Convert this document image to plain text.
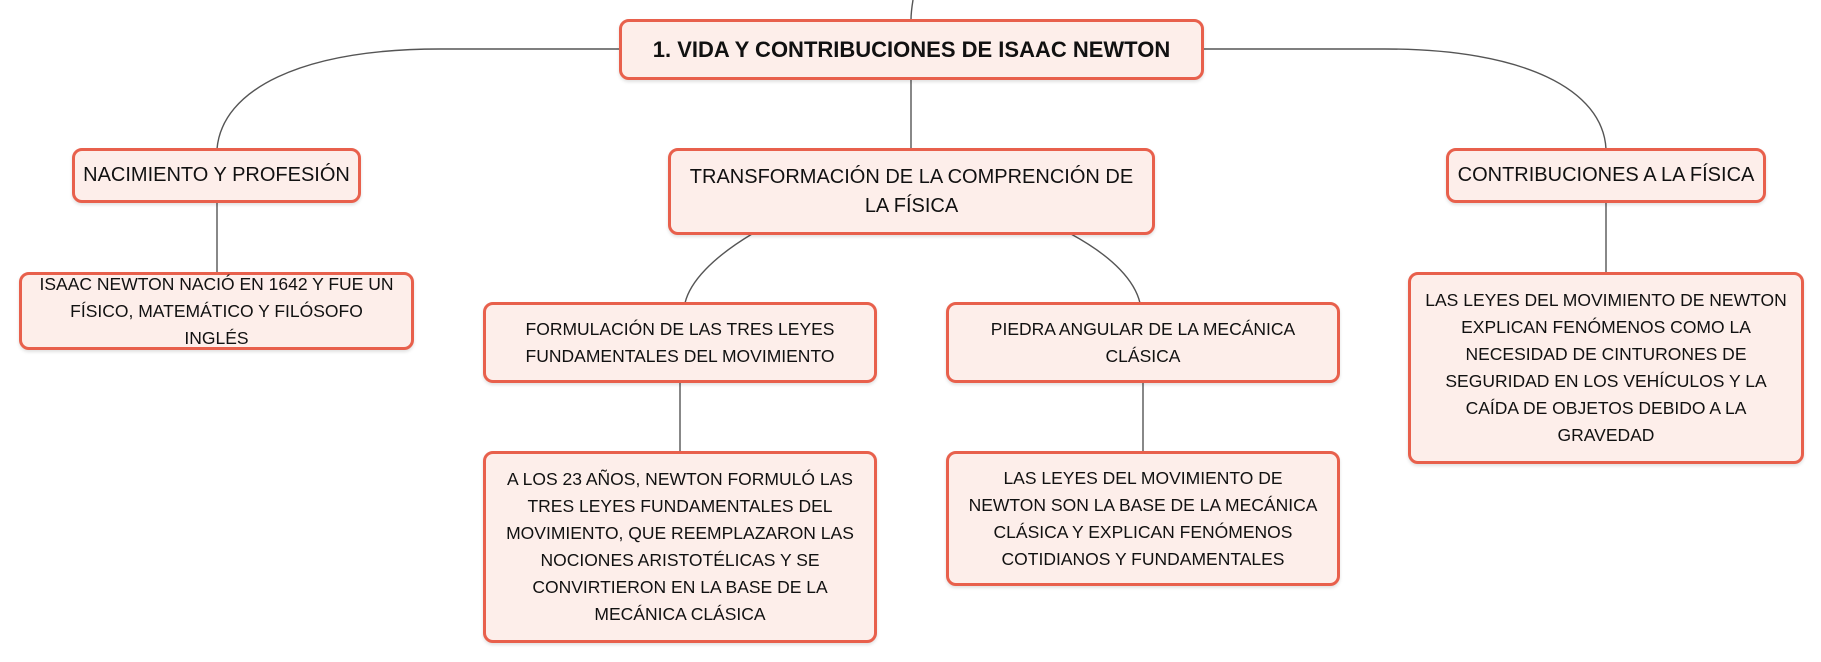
1. VIDA Y CONTRIBUCIONES DE ISAAC NEWTON
NACIMIENTO Y PROFESIÓN
ISAAC NEWTON NACIÓ EN 1642 Y FUE UN FÍSICO, MATEMÁTICO Y FILÓSOFO INGLÉS
TRANSFORMACIÓN DE LA COMPRENCIÓN DE LA FÍSICA
FORMULACIÓN DE LAS TRES LEYES FUNDAMENTALES DEL MOVIMIENTO
A LOS 23 AÑOS, NEWTON FORMULÓ LAS TRES LEYES FUNDAMENTALES DEL MOVIMIENTO, QUE REEMPLAZARON LAS NOCIONES ARISTOTÉLICAS Y SE CONVIRTIERON EN LA BASE DE LA MECÁNICA CLÁSICA
PIEDRA ANGULAR DE LA MECÁNICA CLÁSICA
LAS LEYES DEL MOVIMIENTO DE NEWTON SON LA BASE DE LA MECÁNICA CLÁSICA Y EXPLICAN FENÓMENOS COTIDIANOS Y FUNDAMENTALES
CONTRIBUCIONES A LA FÍSICA
LAS LEYES DEL MOVIMIENTO DE NEWTON EXPLICAN FENÓMENOS COMO LA NECESIDAD DE CINTURONES DE SEGURIDAD EN LOS VEHÍCULOS Y LA CAÍDA DE OBJETOS DEBIDO A LA GRAVEDAD
